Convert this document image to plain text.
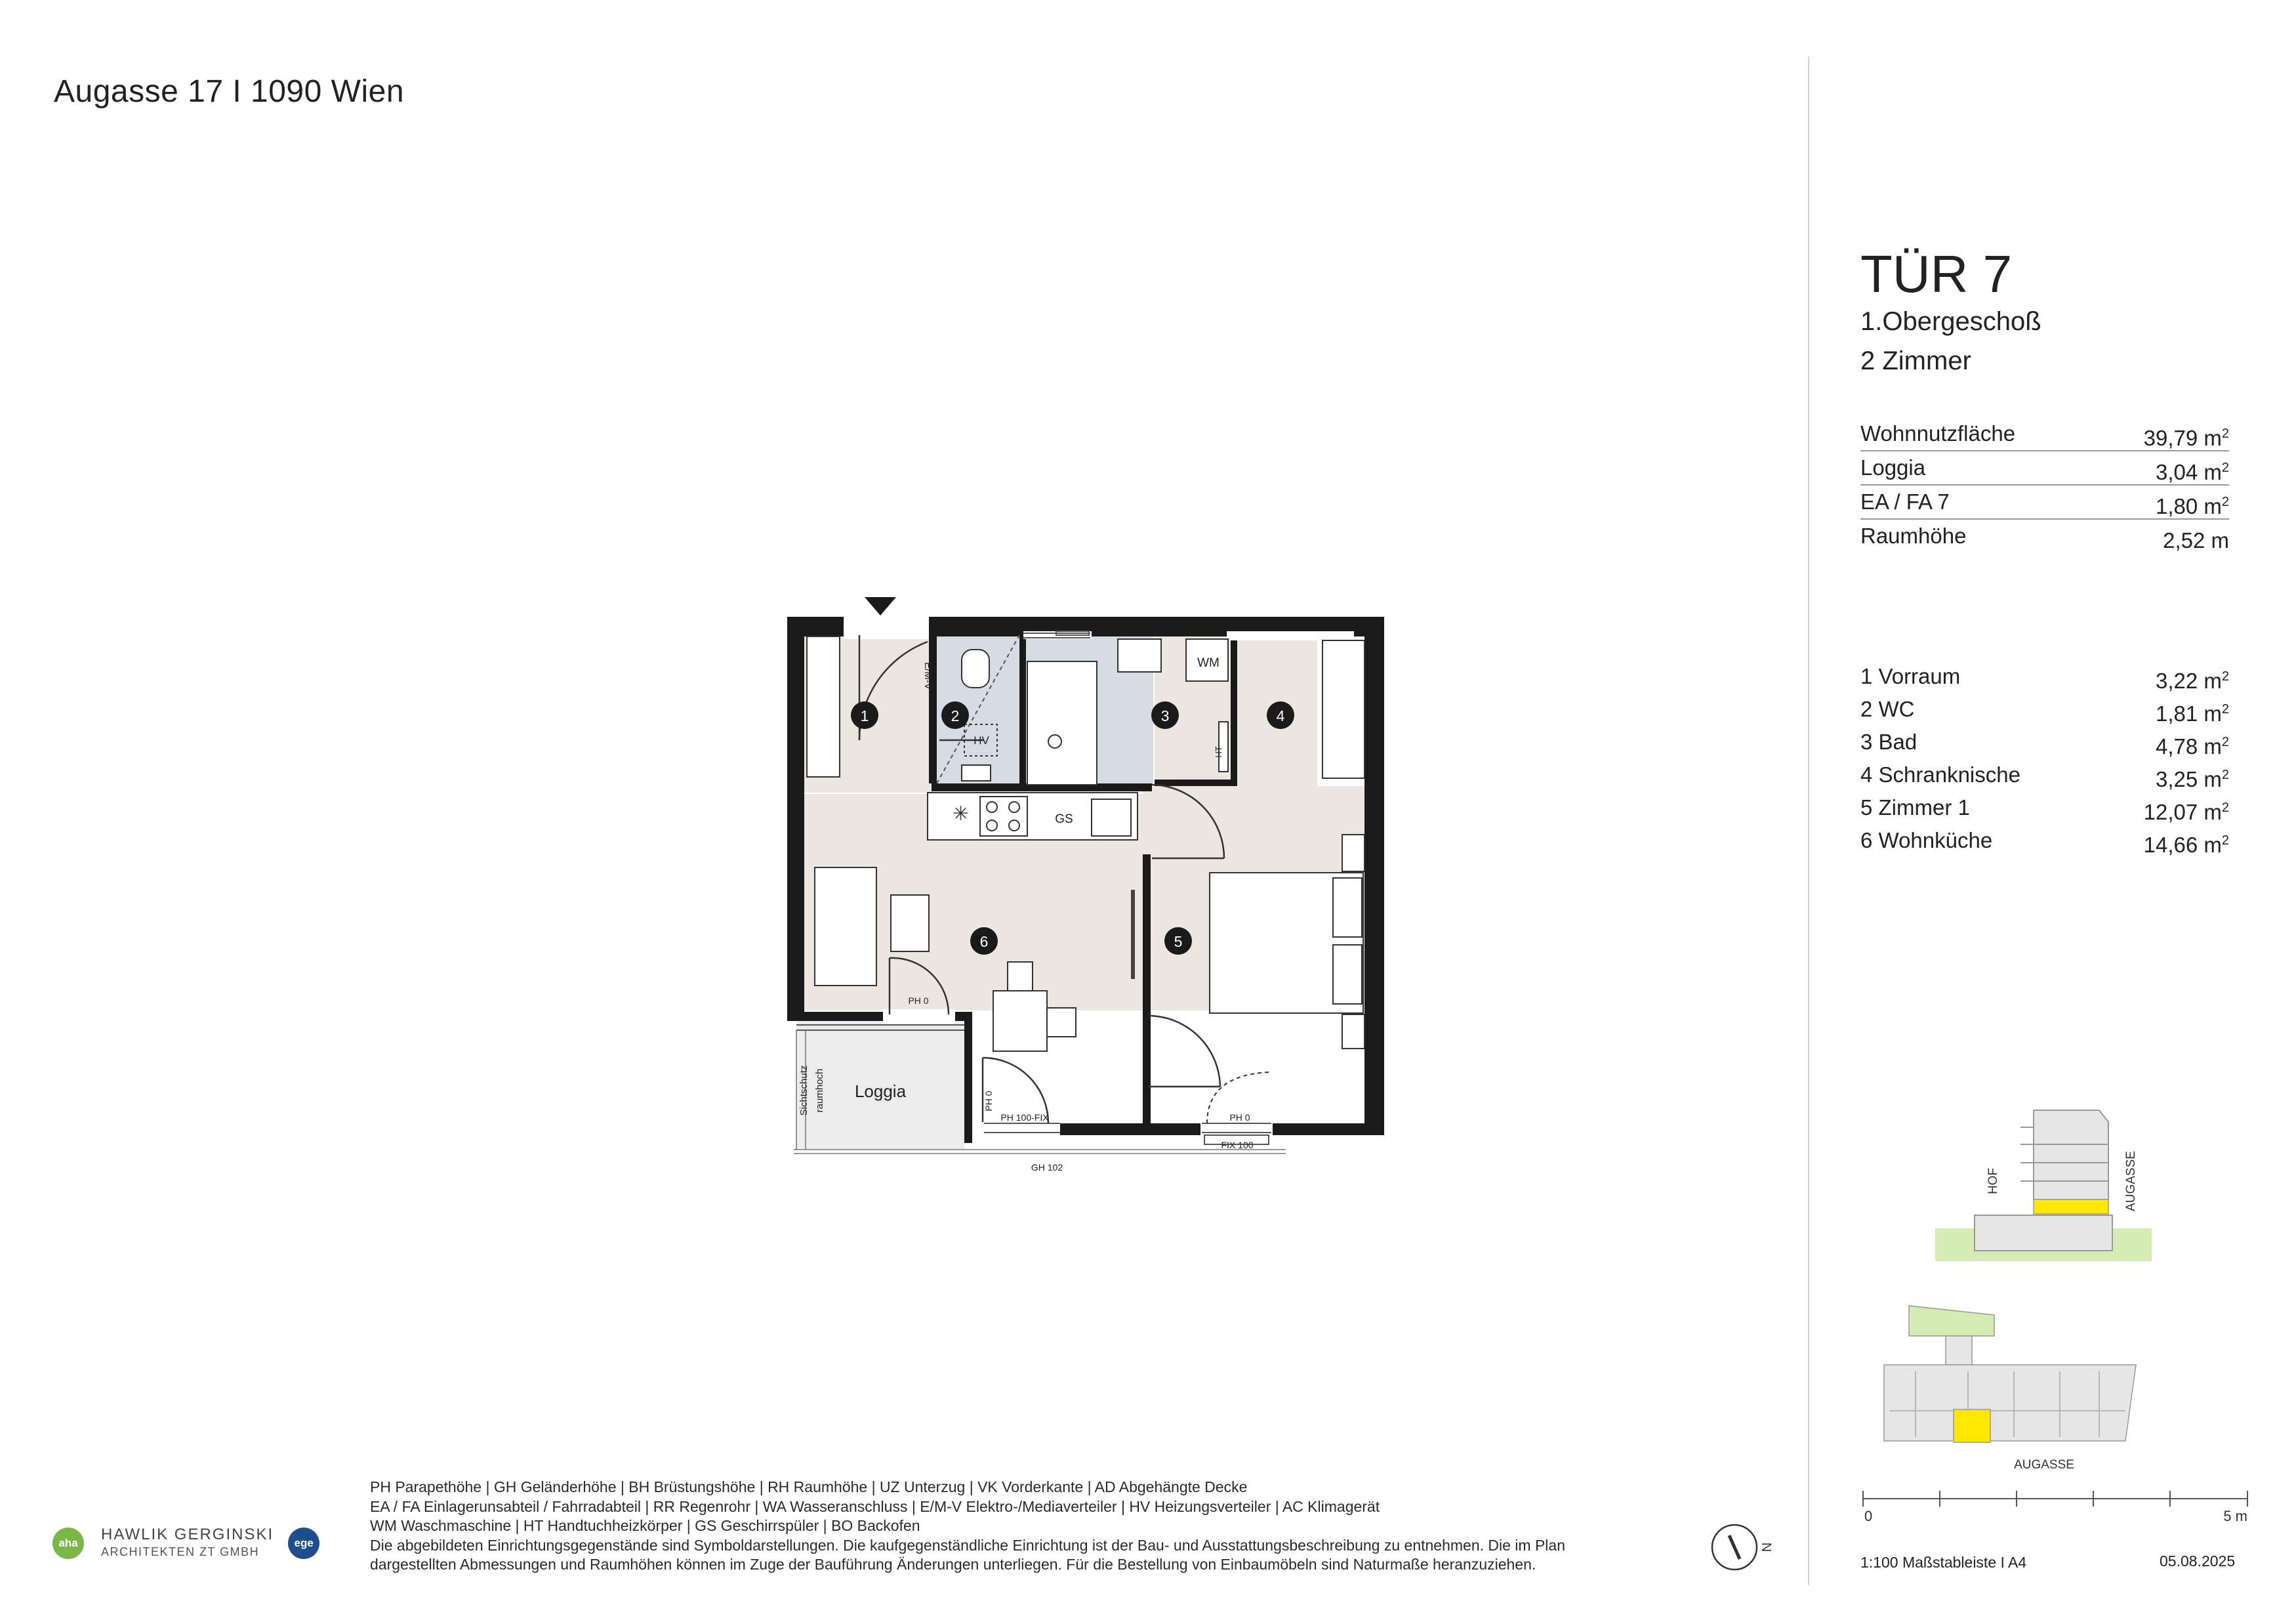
Augasse 17 I 1090 Wien
TÜR 7
1.Obergeschoß
2 Zimmer
Wohnnutzfläche	39,79 $m^2$
Loggia	3,04 $m^2$
EA / FA 7	1,80 $m^2$
Raumhöhe	2,52 m
1 Vorraum	3,22 $m^2$
2 WC	1,81 $m^2$
3 Bad	4,78 $m^2$
4 Schranknische	3,25 $m^2$
5 Zimmer 1	12,07 $m^2$
6 Wohnküche	14,66 $m^2$
✳
1	2	3	4
5
6
Loggia
WM
GS
HV
PH 0
PH 0
PH 100-FIX
FIX 100
GH 102
PH 0
Sichtschutz raumhoch
E/M-V
HT
HOF	AUGASSE
AUGASSE
0	5 m
1:100 Maßstableiste I A4	05.08.2025
PH Parapethöhe | GH Geländerhöhe | BH Brüstungshöhe | RH Raumhöhe | UZ Unterzug | VK Vorderkante | AD Abgehängte Decke
EA / FA Einlagerunsabteil / Fahrradabteil | RR Regenrohr | WA Wasseranschluss | E/M-V Elektro-/Mediaverteiler | HV Heizungsverteiler | AC Klimagerät
WM Waschmaschine | HT Handtuchheizkörper | GS Geschirrspüler | BO Backofen
Die abgebildeten Einrichtungsgegenstände sind Symboldarstellungen. Die kaufgegenständliche Einrichtung ist der Bau- und Ausstattungsbeschreibung zu entnehmen. Die im Plan
dargestellten Abmessungen und Raumhöhen können im Zuge der Bauführung Änderungen unterliegen. Für die Bestellung von Einbaumöbeln sind Naturmaße heranzuziehen.
aha	HAWLIK GERGINSKI
ARCHITEKTEN ZT GMBH
ege	N
